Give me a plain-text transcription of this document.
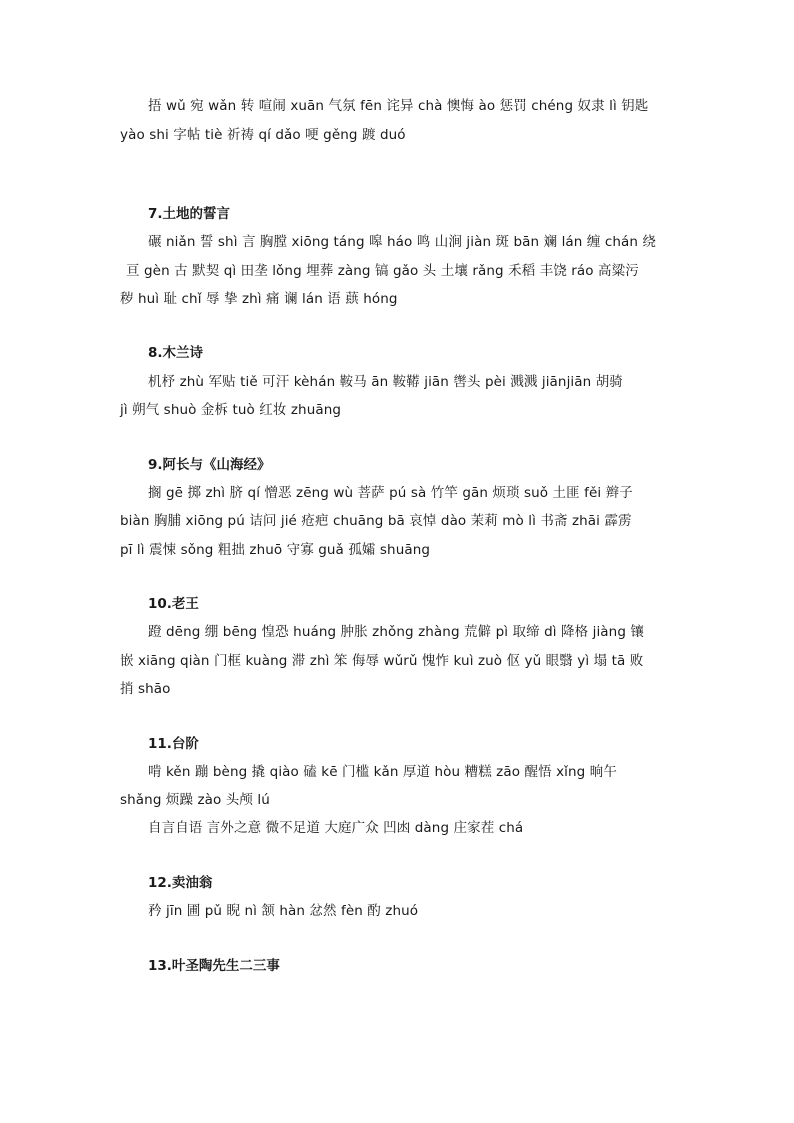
捂 wǔ 宛 wǎn 转 喧闹 xuān 气氛 fēn 诧异 chà 懊悔 ào 惩罚 chéng 奴隶 lì 钥匙
yào shi 字帖 tiè 祈祷 qí dǎo 哽 gěng 踱 duó
7.土地的誓言
碾 niǎn 誓 shì 言 胸膛 xiōng táng 嗥 háo 鸣 山涧 jiàn 斑 bān 斓 lán 缠 chán 绕
亘 gèn 古 默契 qì 田垄 lǒng 埋葬 zàng 镐 gǎo 头 土壤 rǎng 禾稻 丰饶 ráo 高粱污
秽 huì 耻 chǐ 辱 挚 zhì 痛 谰 lán 语 蕻 hóng
8.木兰诗
机杼 zhù 军贴 tiě 可汗 kèhán 鞍马 ān 鞍鞯 jiān 辔头 pèi 溅溅 jiānjiān 胡骑
jì 朔气 shuò 金柝 tuò 红妆 zhuāng
9.阿长与《山海经》
搁 gē 掷 zhì 脐 qí 憎恶 zēng wù 菩萨 pú sà 竹竿 gān 烦琐 suǒ 土匪 fěi 辫子
biàn 胸脯 xiōng pú 诘问 jié 疮疤 chuāng bā 哀悼 dào 茉莉 mò lì 书斋 zhāi 霹雳
pī lì 震悚 sǒng 粗拙 zhuō 守寡 guǎ 孤孀 shuāng
10.老王
蹬 dēng 绷 bēng 惶恐 huáng 肿胀 zhǒng zhàng 荒僻 pì 取缔 dì 降格 jiàng 镶
嵌 xiāng qiàn 门框 kuàng 滞 zhì 笨 侮辱 wǔrǔ 愧怍 kuì zuò 伛 yǔ 眼翳 yì 塌 tā 败
捎 shāo
11.台阶
啃 kěn 蹦 bèng 撬 qiào 磕 kē 门槛 kǎn 厚道 hòu 糟糕 zāo 醒悟 xǐng 晌午
shǎng 烦躁 zào 头颅 lú
自言自语 言外之意 微不足道 大庭广众 凹凼 dàng 庄家茬 chá
12.卖油翁
矜 jīn 圃 pǔ 睨 nì 颔 hàn 忿然 fèn 酌 zhuó
13.叶圣陶先生二三事
